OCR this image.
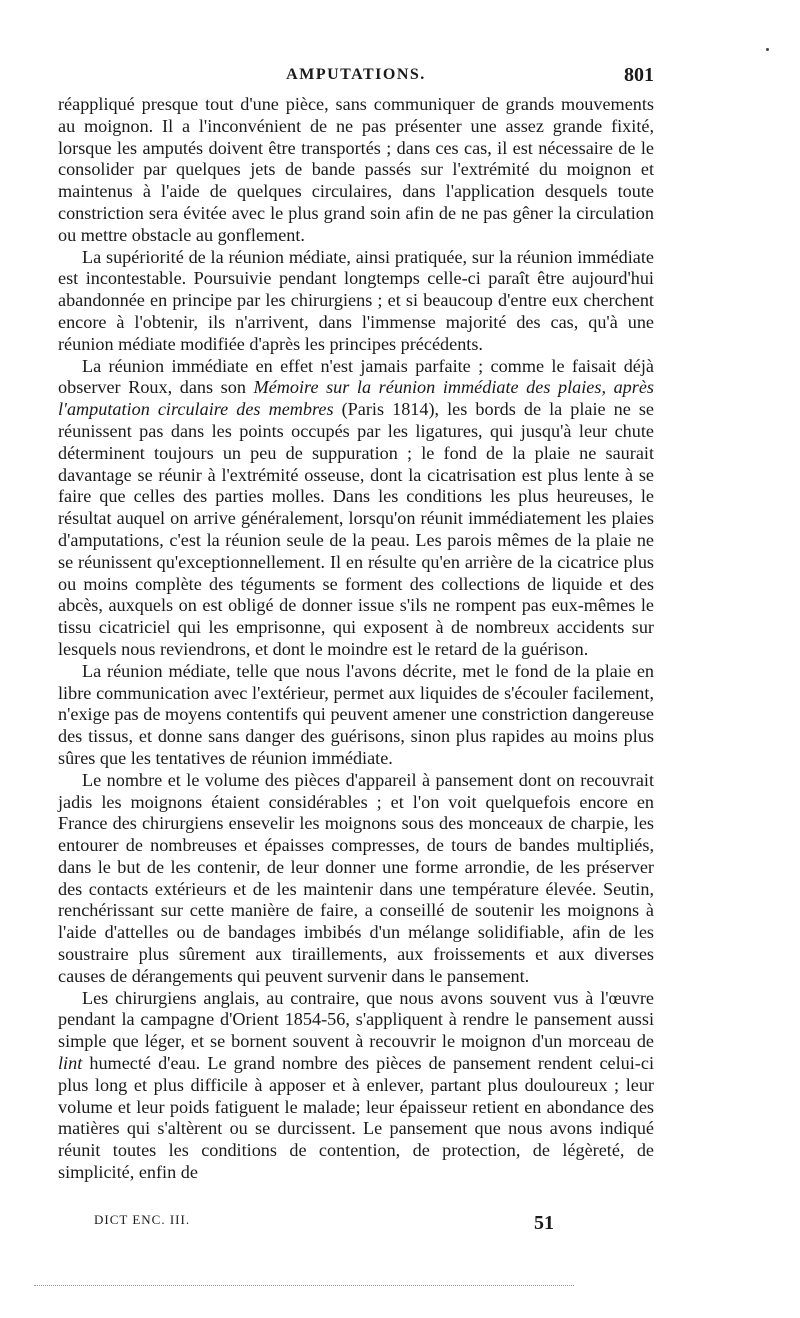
AMPUTATIONS.	801

réappliqué presque tout d'une pièce, sans communiquer de grands mouvements au moignon. Il a l'inconvénient de ne pas présenter une assez grande fixité, lorsque les amputés doivent être transportés ; dans ces cas, il est nécessaire de le consolider par quelques jets de bande passés sur l'extrémité du moignon et maintenus à l'aide de quelques circulaires, dans l'application desquels toute constriction sera évitée avec le plus grand soin afin de ne pas gêner la circulation ou mettre obstacle au gonflement.

La supériorité de la réunion médiate, ainsi pratiquée, sur la réunion immédiate est incontestable. Poursuivie pendant longtemps celle-ci paraît être aujourd'hui abandonnée en principe par les chirurgiens ; et si beaucoup d'entre eux cherchent encore à l'obtenir, ils n'arrivent, dans l'immense majorité des cas, qu'à une réunion médiate modifiée d'après les principes précédents.

La réunion immédiate en effet n'est jamais parfaite ; comme le faisait déjà observer Roux, dans son Mémoire sur la réunion immédiate des plaies, après l'amputation circulaire des membres (Paris 1814), les bords de la plaie ne se réunissent pas dans les points occupés par les ligatures, qui jusqu'à leur chute déterminent toujours un peu de suppuration ; le fond de la plaie ne saurait davantage se réunir à l'extrémité osseuse, dont la cicatrisation est plus lente à se faire que celles des parties molles. Dans les conditions les plus heureuses, le résultat auquel on arrive généralement, lorsqu'on réunit immédiatement les plaies d'amputations, c'est la réunion seule de la peau. Les parois mêmes de la plaie ne se réunissent qu'exceptionnellement. Il en résulte qu'en arrière de la cicatrice plus ou moins complète des téguments se forment des collections de liquide et des abcès, auxquels on est obligé de donner issue s'ils ne rompent pas eux-mêmes le tissu cicatriciel qui les emprisonne, qui exposent à de nombreux accidents sur lesquels nous reviendrons, et dont le moindre est le retard de la guérison.

La réunion médiate, telle que nous l'avons décrite, met le fond de la plaie en libre communication avec l'extérieur, permet aux liquides de s'écouler facilement, n'exige pas de moyens contentifs qui peuvent amener une constriction dangereuse des tissus, et donne sans danger des guérisons, sinon plus rapides au moins plus sûres que les tentatives de réunion immédiate.

Le nombre et le volume des pièces d'appareil à pansement dont on recouvrait jadis les moignons étaient considérables ; et l'on voit quelquefois encore en France des chirurgiens ensevelir les moignons sous des monceaux de charpie, les entourer de nombreuses et épaisses compresses, de tours de bandes multipliés, dans le but de les contenir, de leur donner une forme arrondie, de les préserver des contacts extérieurs et de les maintenir dans une température élevée. Seutin, renchérissant sur cette manière de faire, a conseillé de soutenir les moignons à l'aide d'attelles ou de bandages imbibés d'un mélange solidifiable, afin de les soustraire plus sûrement aux tiraillements, aux froissements et aux diverses causes de dérangements qui peuvent survenir dans le pansement.

Les chirurgiens anglais, au contraire, que nous avons souvent vus à l'œuvre pendant la campagne d'Orient 1854-56, s'appliquent à rendre le pansement aussi simple que léger, et se bornent souvent à recouvrir le moignon d'un morceau de lint humecté d'eau. Le grand nombre des pièces de pansement rendent celui-ci plus long et plus difficile à apposer et à enlever, partant plus douloureux ; leur volume et leur poids fatiguent le malade; leur épaisseur retient en abondance des matières qui s'altèrent ou se durcissent. Le pansement que nous avons indiqué réunit toutes les conditions de contention, de protection, de légèreté, de simplicité, enfin de

DICT ENC. III.	51
